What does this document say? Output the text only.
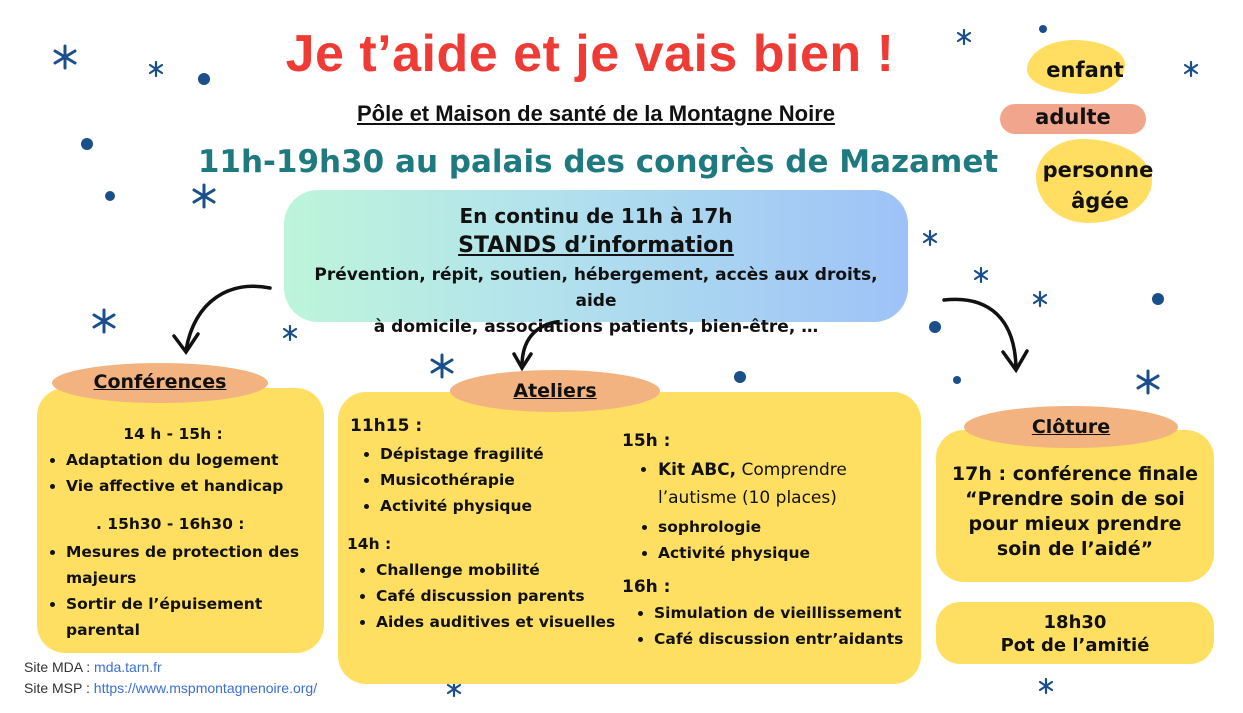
Je t’aide et je vais bien !
Pôle et Maison de santé de la Montagne Noire
11h-19h30 au palais des congrès de Mazamet
enfant
adulte
personne
âgée
En continu de 11h à 17h
STANDS d’information
Prévention, répit, soutien, hébergement, accès aux droits, aide
à domicile, associations patients, bien-être, …
Conférences
14 h - 15h :
• Adaptation du logement
• Vie affective et handicap
. 15h30 - 16h30 :
• Mesures de protection des majeurs
• Sortir de l’épuisement parental
Ateliers
11h15 :
• Dépistage fragilité
• Musicothérapie
• Activité physique
14h :
• Challenge mobilité
• Café discussion parents
• Aides auditives et visuelles
15h :
• Kit ABC, Comprendre l’autisme (10 places)
• sophrologie
• Activité physique
16h :
• Simulation de vieillissement
• Café discussion entr’aidants
Clôture
17h : conférence finale
“Prendre soin de soi
pour mieux prendre
soin de l’aidé”
18h30
Pot de l’amitié
Site MDA : mda.tarn.fr
Site MSP : https://www.mspmontagnenoire.org/
